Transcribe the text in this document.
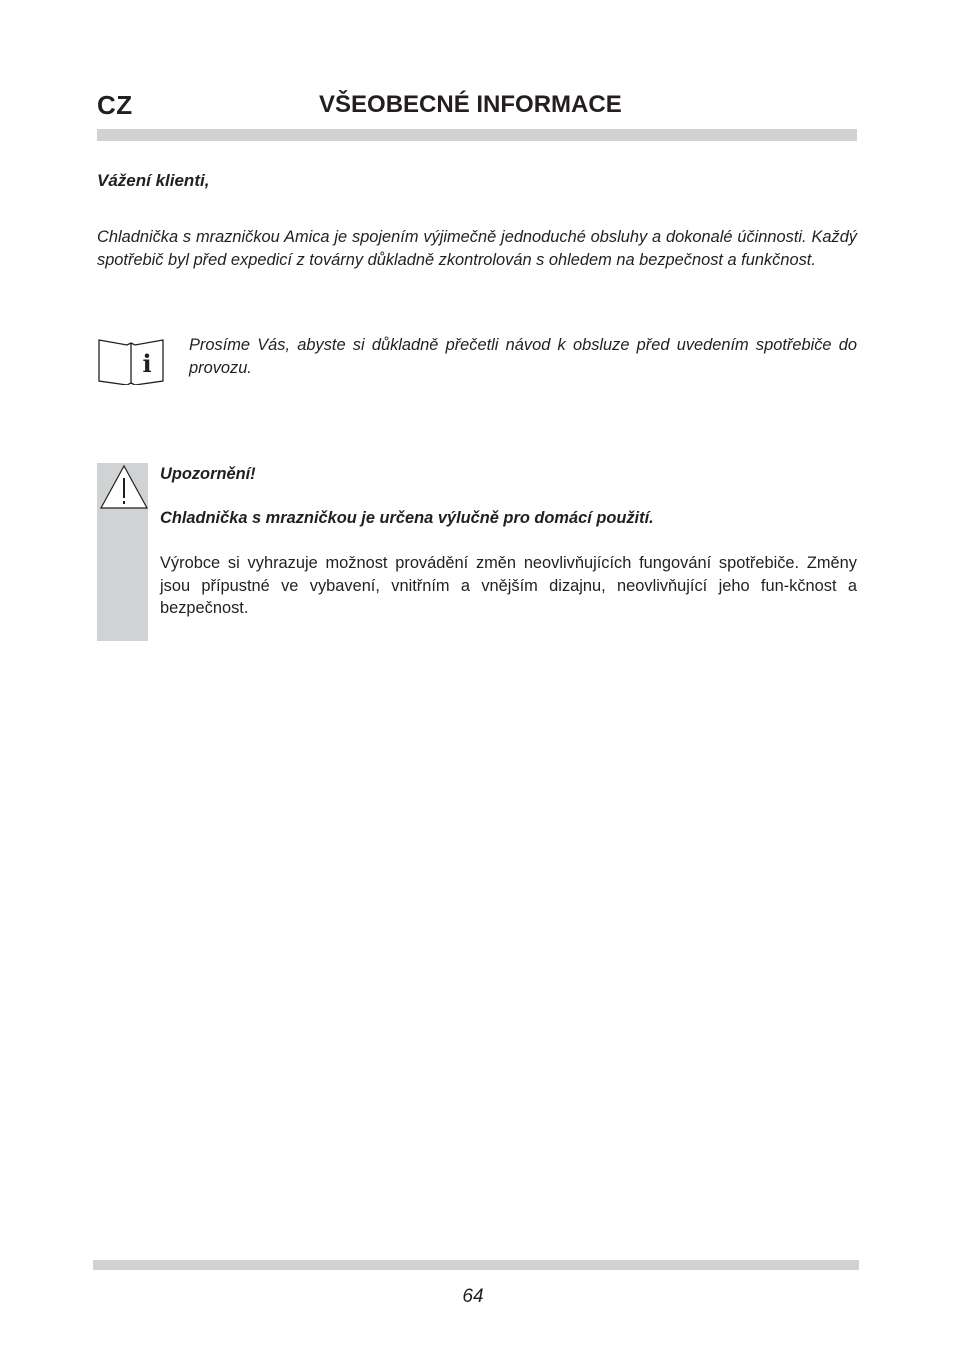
CZ	VŠEOBECNÉ INFORMACE
Vážení klienti,

Chladnička s mrazničkou Amica je spojením výjimečně jednoduché obsluhy a dokonalé účinnosti. Každý spotřebič byl před expedicí z továrny důkladně zkontrolován s ohledem na bezpečnost a funkčnost.

i

Prosíme Vás, abyste si důkladně přečetli návod k obsluze před uvedením spotřebiče do provozu.

Upozornění!
Chladnička s mrazničkou je určena výlučně pro domácí použití.

Výrobce si vyhrazuje možnost provádění změn neovlivňujících fungování spotřebiče. Změny jsou přípustné ve vybavení, vnitřním a vnějším dizajnu, neovlivňující jeho fun-kčnost a bezpečnost.

64
